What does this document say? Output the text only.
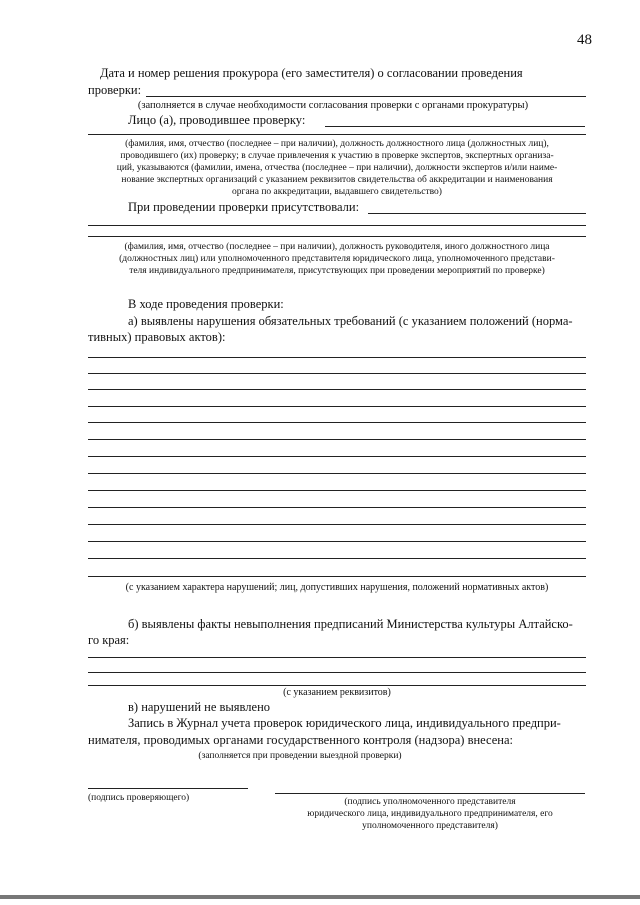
48
Дата и номер решения прокурора (его заместителя) о согласовании проведения
проверки:
(заполняется в случае необходимости согласования проверки с органами прокуратуры)
Лицо (а), проводившее проверку:
(фамилия, имя, отчество (последнее – при наличии), должность должностного лица (должностных лиц),
проводившего (их) проверку; в случае привлечения к участию в проверке экспертов, экспертных организа-
ций, указываются (фамилии, имена, отчества (последнее – при наличии), должности экспертов и/или наиме-
нование экспертных организаций с указанием реквизитов свидетельства об аккредитации и наименования
органа по аккредитации, выдавшего свидетельство)
При проведении проверки присутствовали:
(фамилия, имя, отчество (последнее – при наличии), должность руководителя, иного должностного лица
(должностных лиц) или уполномоченного представителя юридического лица, уполномоченного представи-
теля индивидуального предпринимателя, присутствующих при проведении мероприятий по проверке)
В ходе проведения проверки:
а) выявлены нарушения обязательных требований (с указанием положений (норма-
тивных) правовых актов):
(с указанием характера нарушений; лиц, допустивших нарушения, положений нормативных актов)
б) выявлены факты невыполнения предписаний Министерства культуры Алтайско-
го края:
(с указанием реквизитов)
в) нарушений не выявлено
Запись в Журнал учета проверок юридического лица, индивидуального предпри-
нимателя, проводимых органами государственного контроля (надзора) внесена:
(заполняется при проведении выездной проверки)
(подпись проверяющего)	(подпись уполномоченного представителя
юридического лица, индивидуального предпринимателя, его
уполномоченного представителя)
